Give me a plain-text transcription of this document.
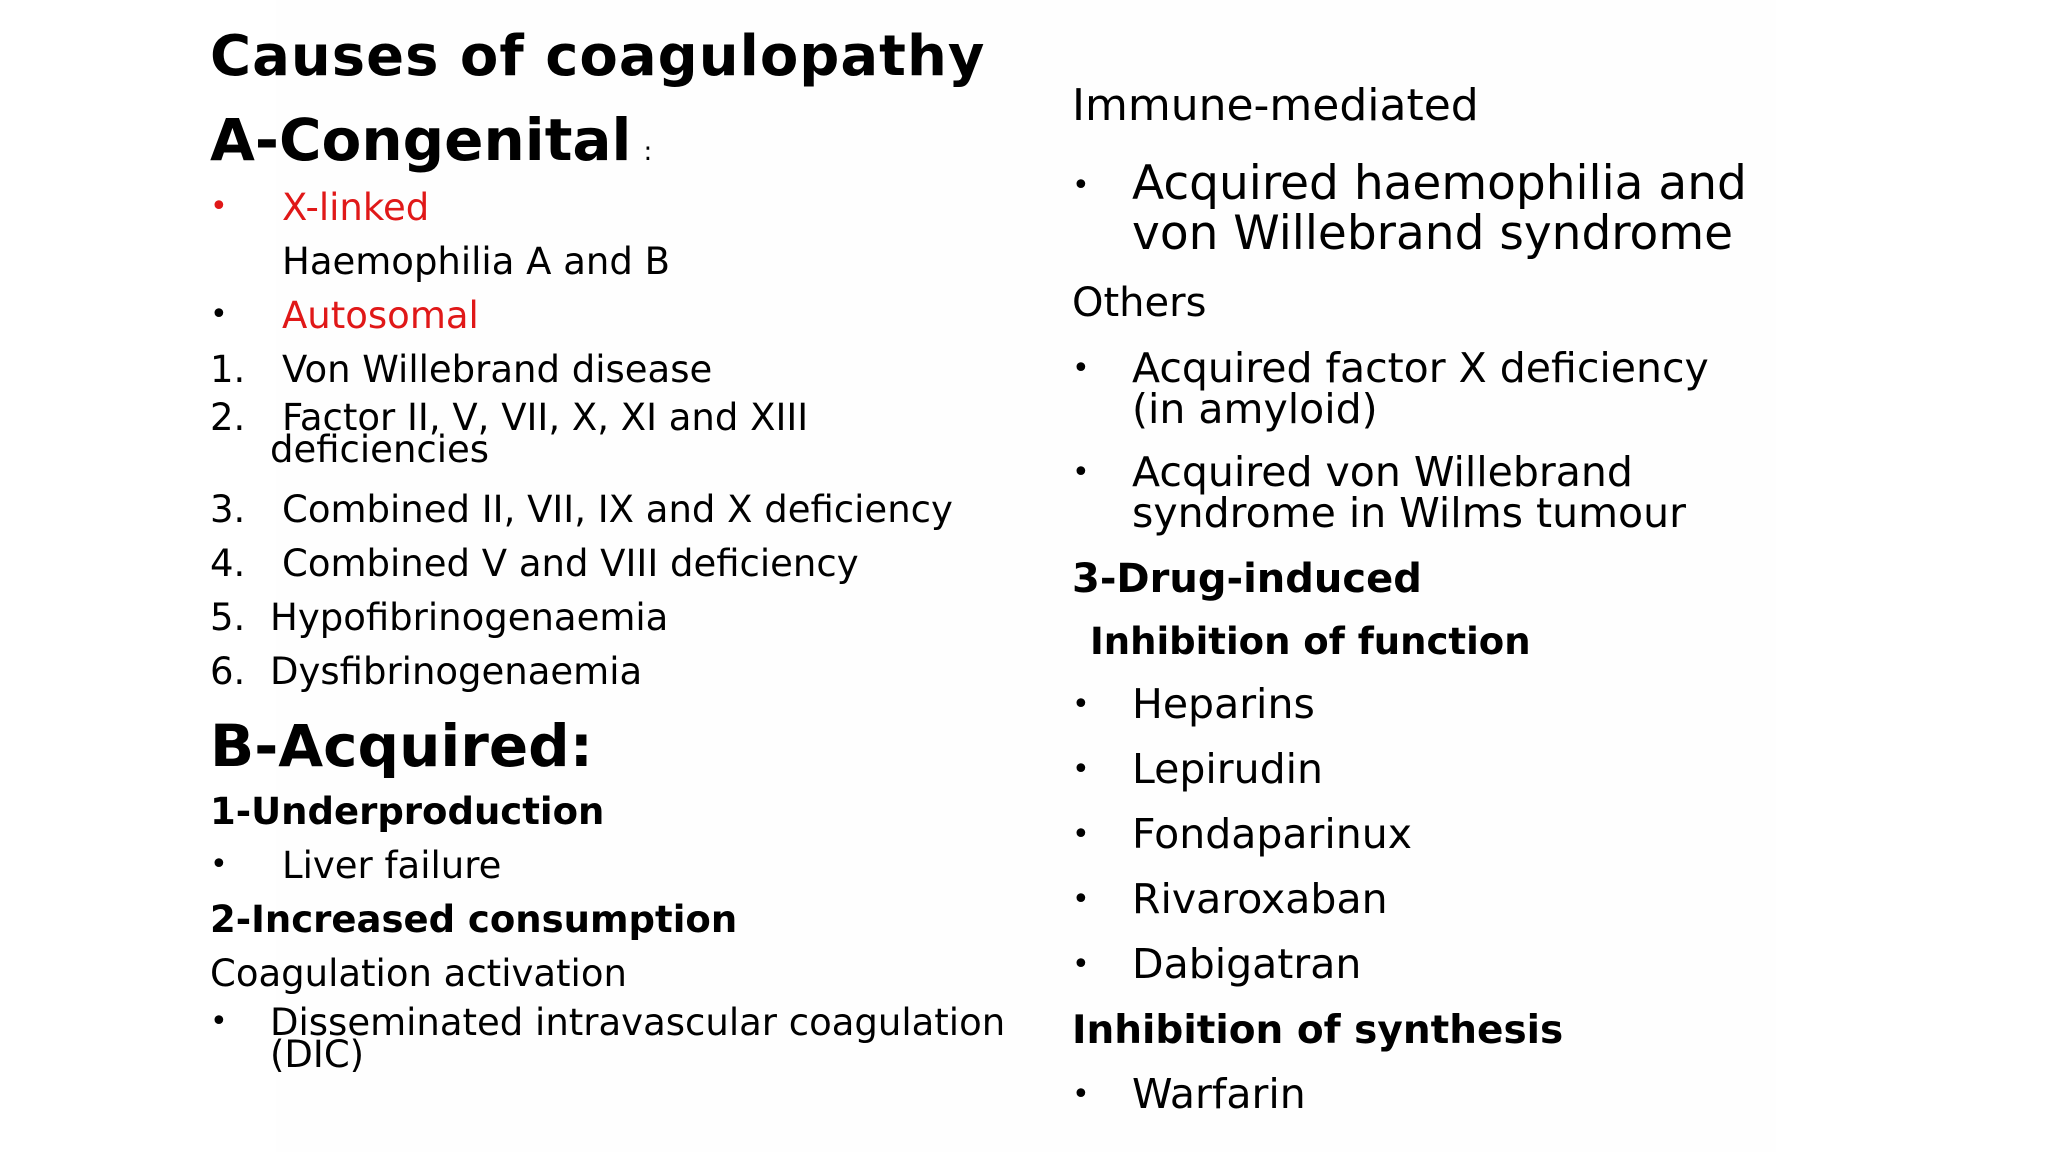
Causes of coagulopathy
A-Congenital :
• X-linked
Haemophilia A and B
• Autosomal
1. Von Willebrand disease
2. Factor II, V, VII, X, XI and XIII
deficiencies
3. Combined II, VII, IX and X deficiency
4. Combined V and VIII deficiency
5. Hypofibrinogenaemia
6. Dysfibrinogenaemia
B-Acquired:
1-Underproduction
• Liver failure
2-Increased consumption
Coagulation activation
• Disseminated intravascular coagulation
(DIC)
Immune-mediated
• Acquired haemophilia and
von Willebrand syndrome
Others
• Acquired factor X deficiency
(in amyloid)
• Acquired von Willebrand
syndrome in Wilms tumour
3-Drug-induced
Inhibition of function
• Heparins
• Lepirudin
• Fondaparinux
• Rivaroxaban
• Dabigatran
Inhibition of synthesis
• Warfarin
